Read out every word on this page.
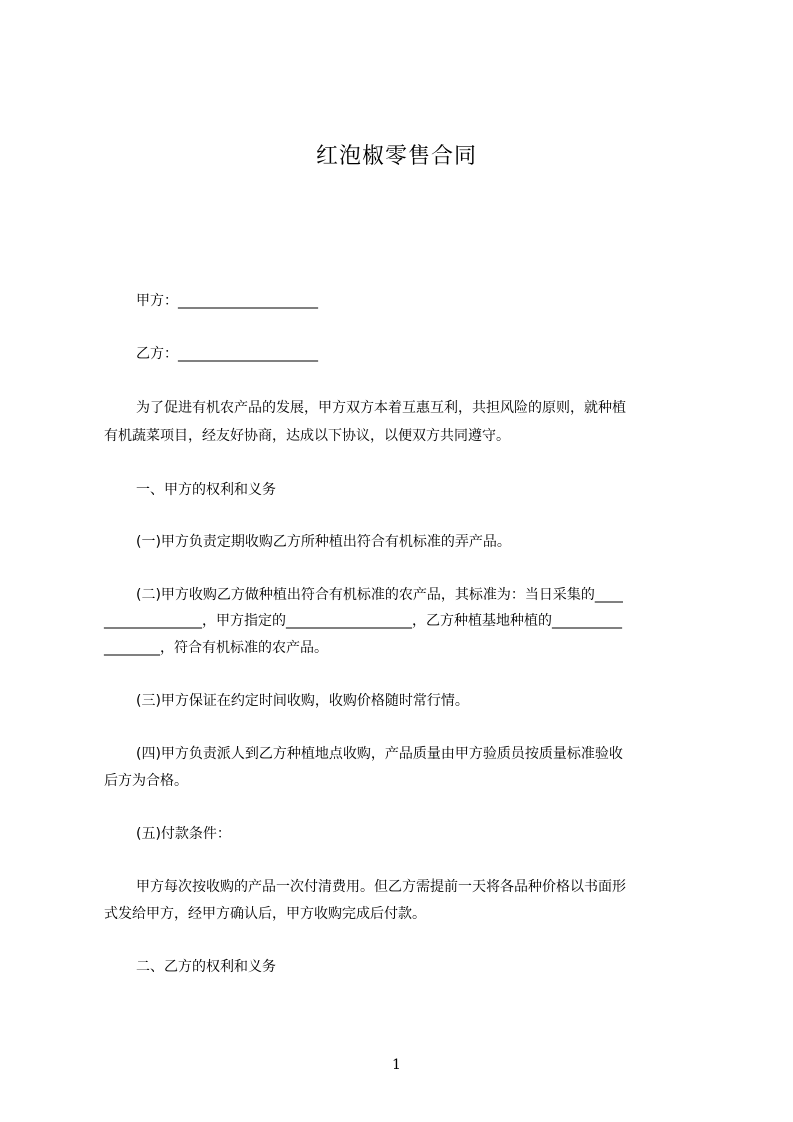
红泡椒零售合同
甲方：____________________
乙方：____________________
为了促进有机农产品的发展，甲方双方本着互惠互利，共担风险的原则，就种植
有机蔬菜项目，经友好协商，达成以下协议，以便双方共同遵守。
一、甲方的权利和义务
(一)甲方负责定期收购乙方所种植出符合有机标准的弄产品。
(二)甲方收购乙方做种植出符合有机标准的农产品，其标准为：当日采集的____
______________，甲方指定的__________________，乙方种植基地种植的__________
________，符合有机标准的农产品。
(三)甲方保证在约定时间收购，收购价格随时常行情。
(四)甲方负责派人到乙方种植地点收购，产品质量由甲方验质员按质量标准验收
后方为合格。
(五)付款条件：
甲方每次按收购的产品一次付清费用。但乙方需提前一天将各品种价格以书面形
式发给甲方，经甲方确认后，甲方收购完成后付款。
二、乙方的权利和义务
1
